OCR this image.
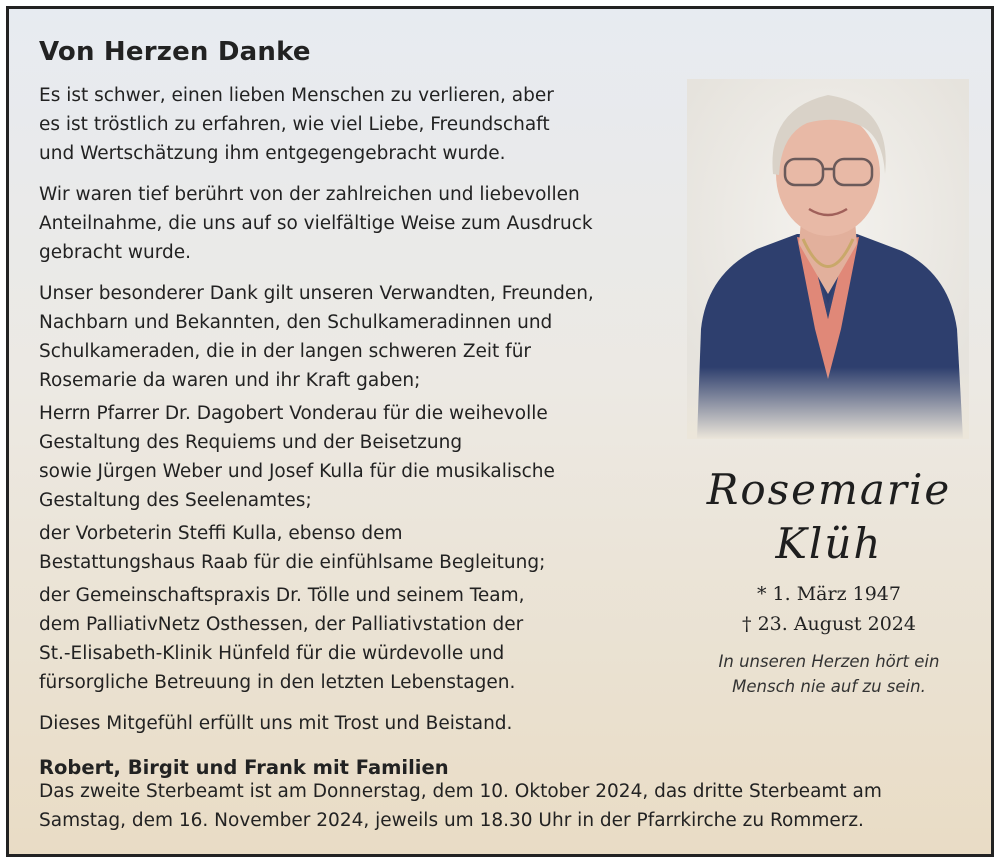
Von Herzen Danke
Es ist schwer, einen lieben Menschen zu verlieren, aber
es ist tröstlich zu erfahren, wie viel Liebe, Freundschaft
und Wertschätzung ihm entgegengebracht wurde.
Wir waren tief berührt von der zahlreichen und liebevollen
Anteilnahme, die uns auf so vielfältige Weise zum Ausdruck
gebracht wurde.
Unser besonderer Dank gilt unseren Verwandten, Freunden,
Nachbarn und Bekannten, den Schulkameradinnen und
Schulkameraden, die in der langen schweren Zeit für
Rosemarie da waren und ihr Kraft gaben;
Herrn Pfarrer Dr. Dagobert Vonderau für die weihevolle
Gestaltung des Requiems und der Beisetzung
sowie Jürgen Weber und Josef Kulla für die musikalische
Gestaltung des Seelenamtes;
der Vorbeterin Steffi Kulla, ebenso dem
Bestattungshaus Raab für die einfühlsame Begleitung;
der Gemeinschaftspraxis Dr. Tölle und seinem Team,
dem PalliativNetz Osthessen, der Palliativstation der
St.-Elisabeth-Klinik Hünfeld für die würdevolle und
fürsorgliche Betreuung in den letzten Lebenstagen.
Dieses Mitgefühl erfüllt uns mit Trost und Beistand.
Robert, Birgit und Frank mit Familien
Rosemarie
Klüh
* 1. März 1947
† 23. August 2024
In unseren Herzen hört ein
Mensch nie auf zu sein.
Das zweite Sterbeamt ist am Donnerstag, dem 10. Oktober 2024, das dritte Sterbeamt am
Samstag, dem 16. November 2024, jeweils um 18.30 Uhr in der Pfarrkirche zu Rommerz.
